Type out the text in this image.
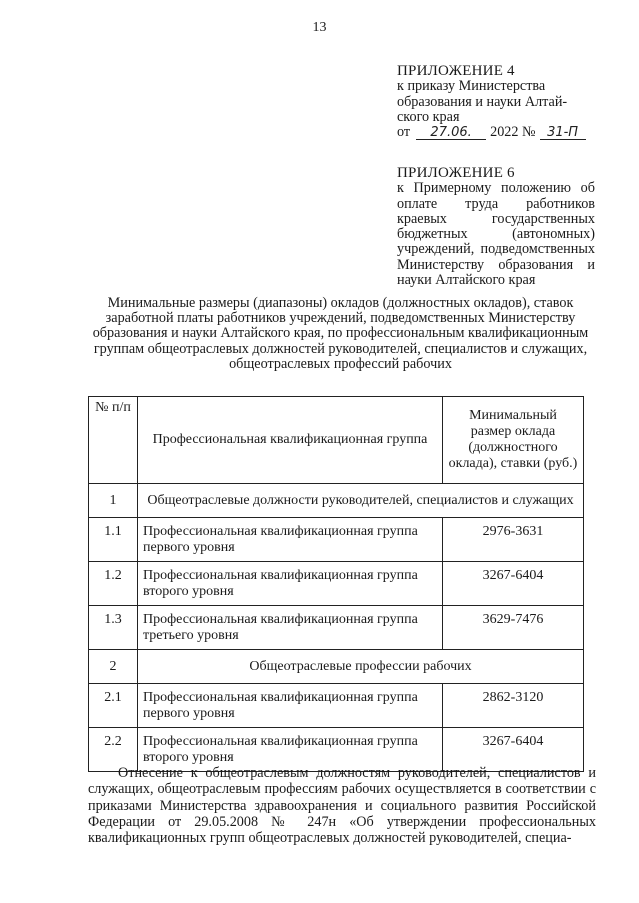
13
ПРИЛОЖЕНИЕ 4
к приказу Министерства
образования и науки Алтай-
ского края
от	27.06.	2022 № 31-П
ПРИЛОЖЕНИЕ 6
к Примерному положению об оплате труда работников краевых государственных бюджетных (автономных) учреждений, подведомственных Министерству образования и науки Алтайского края
Минимальные размеры (диапазоны) окладов (должностных окладов), ставок заработной платы работников учреждений, подведомственных Министерству образования и науки Алтайского края, по профессиональным квалификационным группам общеотраслевых должностей руководителей, специалистов и служащих, общеотраслевых профессий рабочих
№ п/п	Профессиональная квалификационная группа	Минимальный размер оклада (должностного оклада), ставки (руб.)
1	Общеотраслевые должности руководителей, специалистов и служащих	
1.1	Профессиональная квалификационная группа первого уровня	2976-3631
1.2	Профессиональная квалификационная группа второго уровня	3267-6404
1.3	Профессиональная квалификационная группа третьего уровня	3629-7476
2	Общеотраслевые профессии рабочих	
2.1	Профессиональная квалификационная группа первого уровня	2862-3120
2.2	Профессиональная квалификационная группа второго уровня	3267-6404
Отнесение к общеотраслевым должностям руководителей, специалистов и служащих, общеотраслевым профессиям рабочих осуществляется в соответствии с приказами Министерства здравоохранения и социального развития Российской Федерации от 29.05.2008 № 247н «Об утверждении профессиональных квалификационных групп общеотраслевых должностей руководителей, специа-
